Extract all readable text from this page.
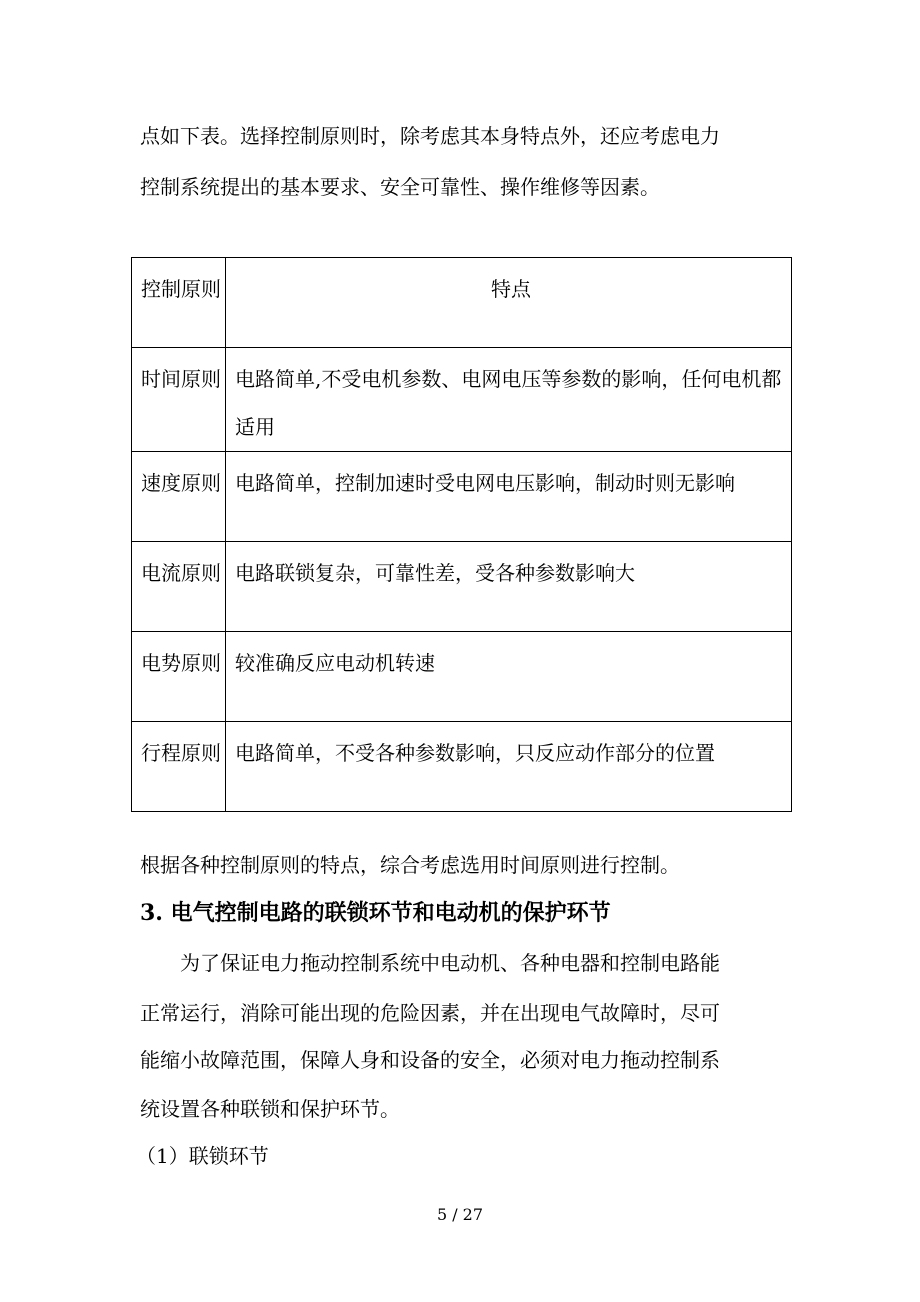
点如下表。选择控制原则时，除考虑其本身特点外，还应考虑电力
控制系统提出的基本要求、安全可靠性、操作维修等因素。
控制原则	特点
时间原则	电路简单,不受电机参数、电网电压等参数的影响，任何电机都适用
速度原则	电路简单，控制加速时受电网电压影响，制动时则无影响
电流原则	电路联锁复杂，可靠性差，受各种参数影响大
电势原则	较准确反应电动机转速
行程原则	电路简单，不受各种参数影响，只反应动作部分的位置
根据各种控制原则的特点，综合考虑选用时间原则进行控制。
3. 电气控制电路的联锁环节和电动机的保护环节
　　为了保证电力拖动控制系统中电动机、各种电器和控制电路能
正常运行，消除可能出现的危险因素，并在出现电气故障时，尽可
能缩小故障范围，保障人身和设备的安全，必须对电力拖动控制系
统设置各种联锁和保护环节。
（1）联锁环节
5 / 27
